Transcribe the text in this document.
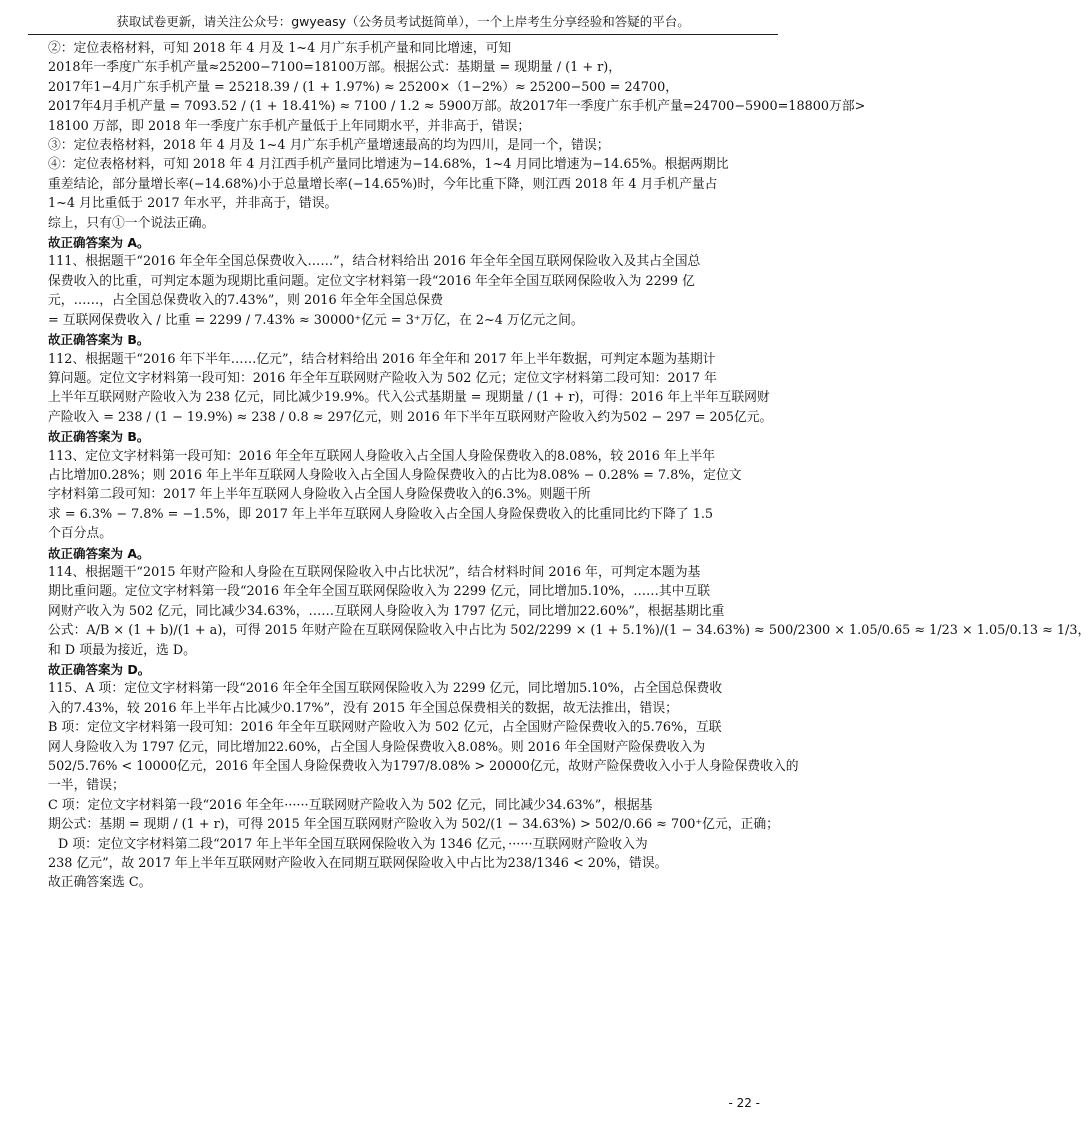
获取试卷更新，请关注公众号：gwyeasy（公务员考试挺简单），一个上岸考生分享经验和答疑的平台。
②：定位表格材料，可知 2018 年 4 月及 1~4 月广东手机产量和同比增速，可知
2018年一季度广东手机产量≈25200−7100=18100万部。根据公式：基期量 = 现期量 / (1 + r)，
2017年1−4月广东手机产量 = 25218.39 / (1 + 1.97%) ≈ 25200×（1−2%）≈ 25200−500 = 24700，
2017年4月手机产量 = 7093.52 / (1 + 18.41%) ≈ 7100 / 1.2 ≈ 5900万部。故2017年一季度广东手机产量=24700−5900=18800万部>
18100 万部，即 2018 年一季度广东手机产量低于上年同期水平，并非高于，错误；
③：定位表格材料，2018 年 4 月及 1~4 月广东手机产量增速最高的均为四川，是同一个，错误；
④：定位表格材料，可知 2018 年 4 月江西手机产量同比增速为−14.68%，1~4 月同比增速为−14.65%。根据两期比
重差结论，部分量增长率(−14.68%)小于总量增长率(−14.65%)时，今年比重下降，则江西 2018 年 4 月手机产量占
1~4 月比重低于 2017 年水平，并非高于，错误。
综上，只有①一个说法正确。
故正确答案为 A。
111、根据题干“2016 年全年全国总保费收入……”，结合材料给出 2016 年全年全国互联网保险收入及其占全国总
保费收入的比重，可判定本题为现期比重问题。定位文字材料第一段“2016 年全年全国互联网保险收入为 2299 亿
元，……，占全国总保费收入的7.43%”，则 2016 年全年全国总保费
= 互联网保费收入 / 比重 = 2299 / 7.43% ≈ 30000⁺亿元 = 3⁺万亿，在 2~4 万亿元之间。
故正确答案为 B。
112、根据题干“2016 年下半年……亿元”，结合材料给出 2016 年全年和 2017 年上半年数据，可判定本题为基期计
算问题。定位文字材料第一段可知：2016 年全年互联网财产险收入为 502 亿元；定位文字材料第二段可知：2017 年
上半年互联网财产险收入为 238 亿元，同比减少19.9%。代入公式基期量 = 现期量 / (1 + r)，可得：2016 年上半年互联网财
产险收入 = 238 / (1 − 19.9%) ≈ 238 / 0.8 ≈ 297亿元，则 2016 年下半年互联网财产险收入约为502 − 297 = 205亿元。
故正确答案为 B。
113、定位文字材料第一段可知：2016 年全年互联网人身险收入占全国人身险保费收入的8.08%，较 2016 年上半年
占比增加0.28%；则 2016 年上半年互联网人身险收入占全国人身险保费收入的占比为8.08% − 0.28% = 7.8%，定位文
字材料第二段可知：2017 年上半年互联网人身险收入占全国人身险保费收入的6.3%。则题干所
求 = 6.3% − 7.8% = −1.5%，即 2017 年上半年互联网人身险收入占全国人身险保费收入的比重同比约下降了 1.5
个百分点。
故正确答案为 A。
114、根据题干“2015 年财产险和人身险在互联网保险收入中占比状况”，结合材料时间 2016 年，可判定本题为基
期比重问题。定位文字材料第一段“2016 年全年全国互联网保险收入为 2299 亿元，同比增加5.10%，……其中互联
网财产收入为 502 亿元，同比减少34.63%，……互联网人身险收入为 1797 亿元，同比增加22.60%”，根据基期比重
公式：A/B × (1 + b)/(1 + a)，可得 2015 年财产险在互联网保险收入中占比为 502/2299 × (1 + 5.1%)/(1 − 34.63%) ≈ 500/2300 × 1.05/0.65 ≈ 1/23 × 1.05/0.13 ≈ 1/3，
和 D 项最为接近，选 D。
故正确答案为 D。
115、A 项：定位文字材料第一段“2016 年全年全国互联网保险收入为 2299 亿元，同比增加5.10%，占全国总保费收
入的7.43%，较 2016 年上半年占比减少0.17%”，没有 2015 年全国总保费相关的数据，故无法推出，错误；
B 项：定位文字材料第一段可知：2016 年全年互联网财产险收入为 502 亿元，占全国财产险保费收入的5.76%，互联
网人身险收入为 1797 亿元，同比增加22.60%，占全国人身险保费收入8.08%。则 2016 年全国财产险保费收入为
502/5.76% < 10000亿元，2016 年全国人身险保费收入为1797/8.08% > 20000亿元，故财产险保费收入小于人身险保费收入的
一半，错误；
C 项：定位文字材料第一段“2016 年全年······互联网财产险收入为 502 亿元，同比减少34.63%”，根据基
期公式：基期 = 现期 / (1 + r)，可得 2015 年全国互联网财产险收入为 502/(1 − 34.63%) > 502/0.66 ≈ 700⁺亿元，正确；
D 项：定位文字材料第二段“2017 年上半年全国互联网保险收入为 1346 亿元，······互联网财产险收入为
238 亿元”，故 2017 年上半年互联网财产险收入在同期互联网保险收入中占比为238/1346 < 20%，错误。
故正确答案选 C。
- 22 -
